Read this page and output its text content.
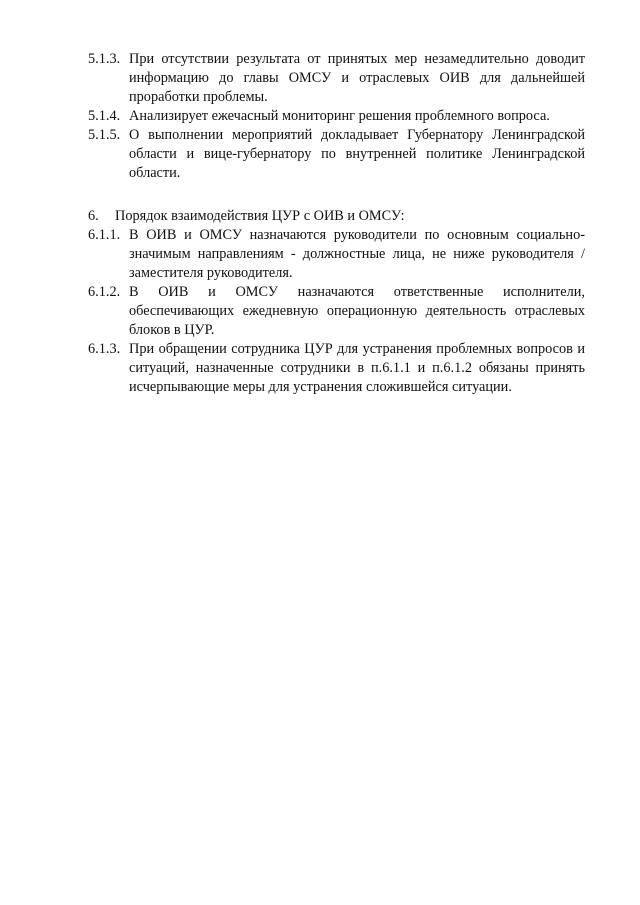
5.1.3. При отсутствии результата от принятых мер незамедлительно доводит информацию до главы ОМСУ и отраслевых ОИВ для дальнейшей проработки проблемы.
5.1.4. Анализирует ежечасный мониторинг решения проблемного вопроса.
5.1.5. О выполнении мероприятий докладывает Губернатору Ленинградской области и вице-губернатору по внутренней политике Ленинградской области.
6. Порядок взаимодействия ЦУР с ОИВ и ОМСУ:
6.1.1. В ОИВ и ОМСУ назначаются руководители по основным социально-значимым направлениям - должностные лица, не ниже руководителя / заместителя руководителя.
6.1.2. В ОИВ и ОМСУ назначаются ответственные исполнители, обеспечивающих ежедневную операционную деятельность отраслевых блоков в ЦУР.
6.1.3. При обращении сотрудника ЦУР для устранения проблемных вопросов и ситуаций, назначенные сотрудники в п.6.1.1 и п.6.1.2 обязаны принять исчерпывающие меры для устранения сложившейся ситуации.
